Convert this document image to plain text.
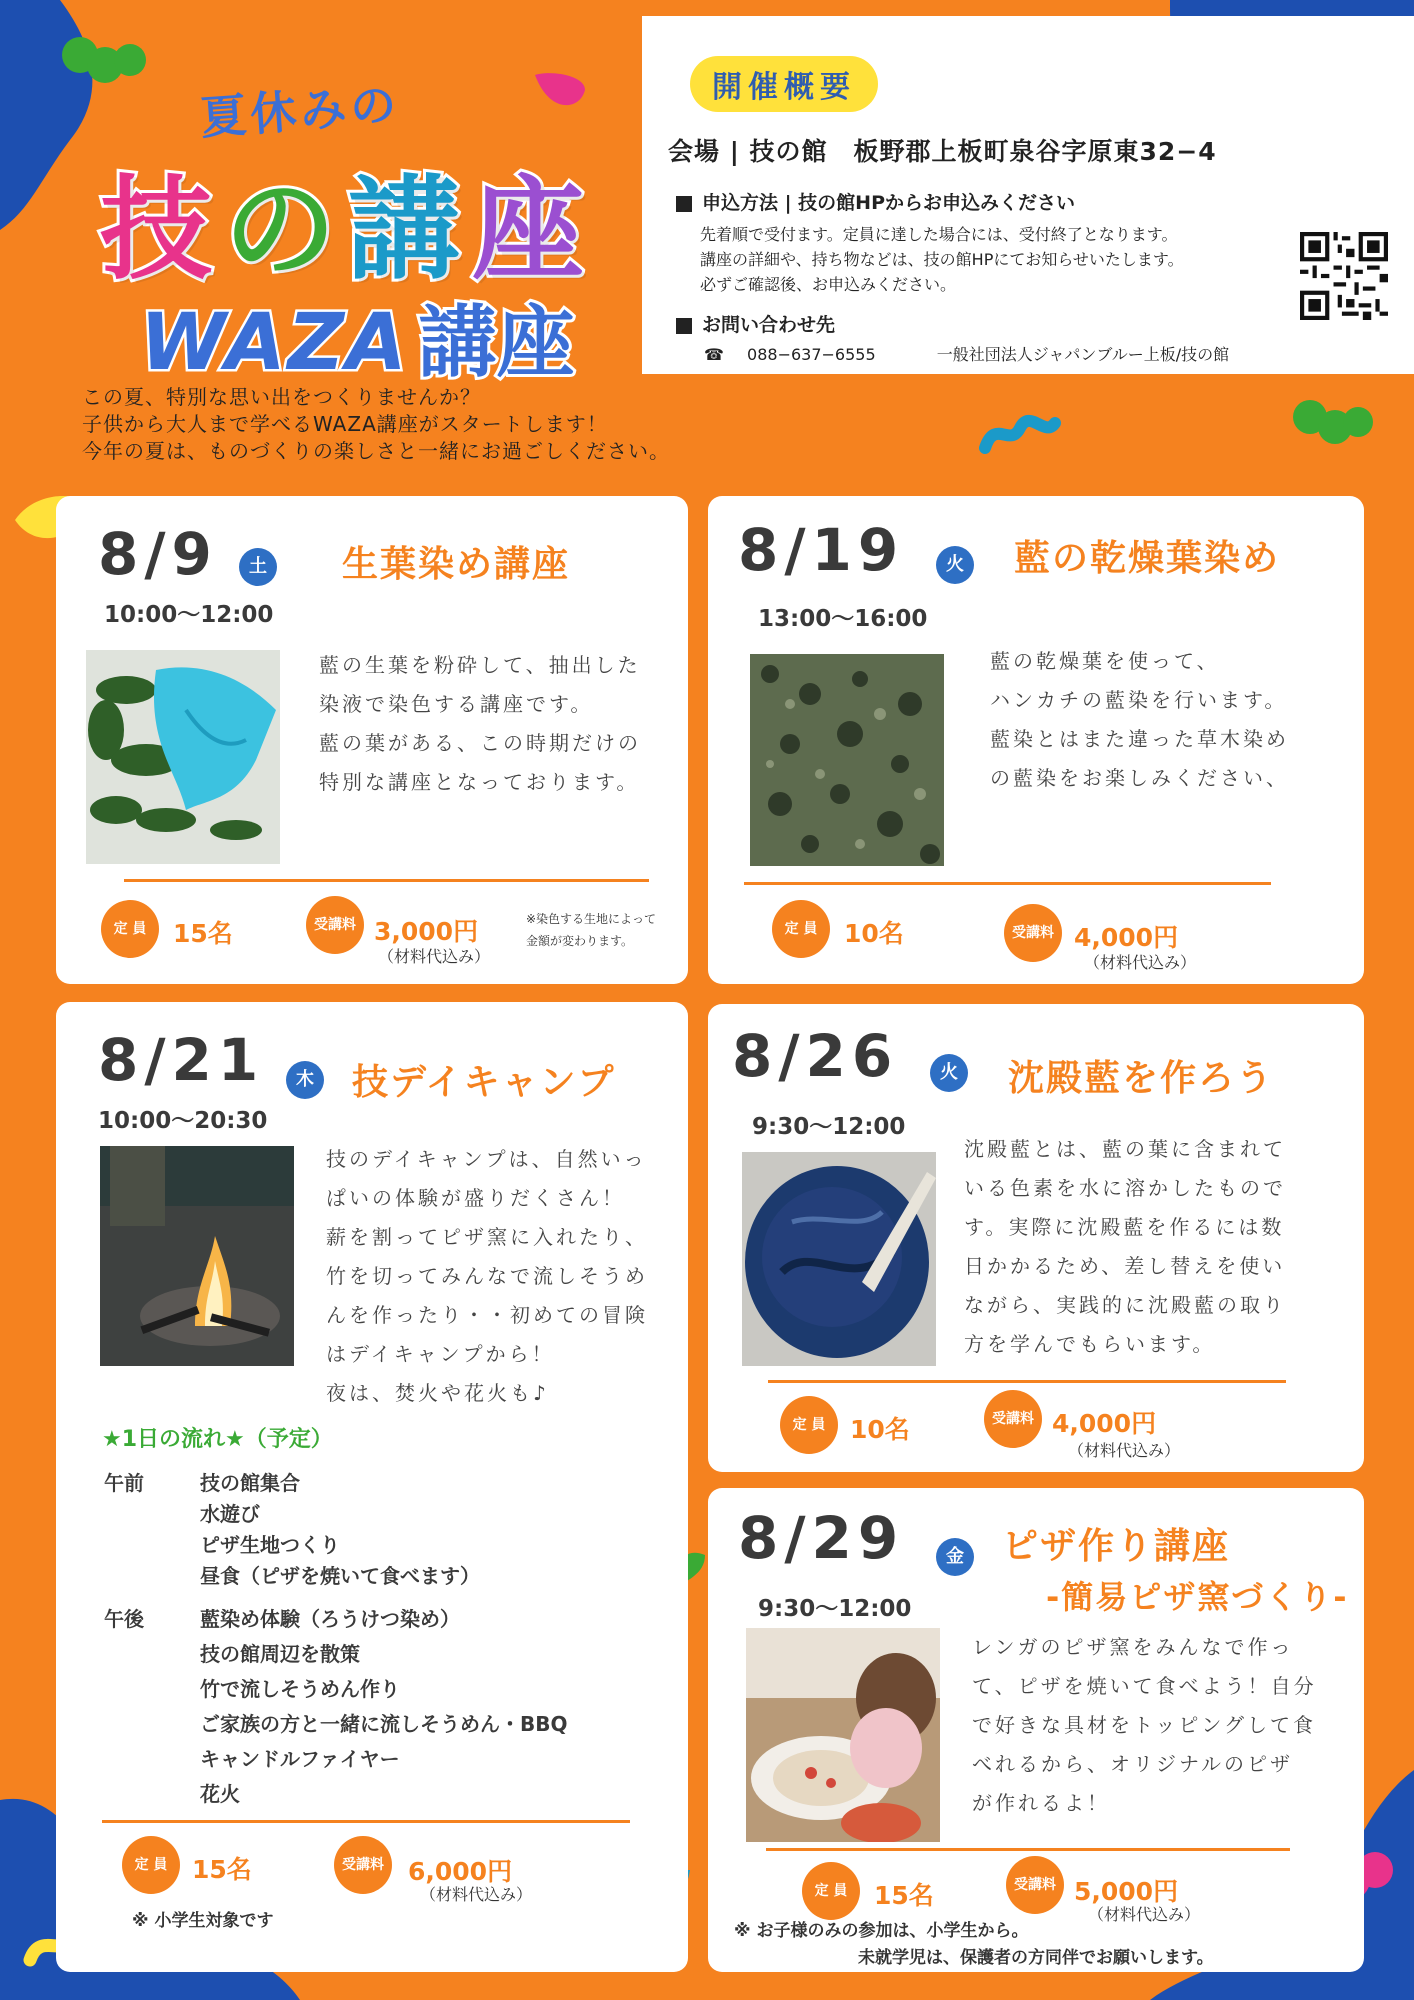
夏休みの
技の講座
WAZA 講座
開催概要
会場 | 技の館　板野郡上板町泉谷字原東32−4
申込方法 | 技の館HPからお申込みください
先着順で受付ます。定員に達した場合には、受付終了となります。
講座の詳細や、持ち物などは、技の館HPにてお知らせいたします。
必ずご確認後、お申込みください。
お問い合わせ先
☎ 088−637−6555	一般社団法人ジャパンブルー上板/技の館
この夏、特別な思い出をつくりませんか？
子供から大人まで学べるWAZA講座がスタートします！
今年の夏は、ものづくりの楽しさと一緒にお過ごしください。
8/9	土 生葉染め講座
10:00〜12:00
藍の生葉を粉砕して、抽出した
染液で染色する講座です。
藍の葉がある、この時期だけの
特別な講座となっております。
定 員	15名	受講料 3,000円
（材料代込み）
※染色する生地によって
金額が変わります。
8/19	火 藍の乾燥葉染め
13:00〜16:00
藍の乾燥葉を使って、
ハンカチの藍染を行います。
藍染とはまた違った草木染め
の藍染をお楽しみください、
定 員	10名	受講料 4,000円
（材料代込み）
8/21	木 技デイキャンプ
10:00〜20:30
技のデイキャンプは、自然いっ
ぱいの体験が盛りだくさん！
薪を割ってピザ窯に入れたり、
竹を切ってみんなで流しそうめ
んを作ったり・・初めての冒険
はデイキャンプから！
夜は、焚火や花火も♪
★1日の流れ★（予定）
午前	技の館集合
水遊び
ピザ生地つくり
昼食（ピザを焼いて食べます）
午後	藍染め体験（ろうけつ染め）
技の館周辺を散策
竹で流しそうめん作り
ご家族の方と一緒に流しそうめん・BBQ
キャンドルファイヤー
花火
定 員 15名	受講料 6,000円
（材料代込み）
※ 小学生対象です
8/26	火 沈殿藍を作ろう
9:30〜12:00
沈殿藍とは、藍の葉に含まれて
いる色素を水に溶かしたもので
す。実際に沈殿藍を作るには数
日かかるため、差し替えを使い
ながら、実践的に沈殿藍の取り
方を学んでもらいます。
定 員 10名	受講料 4,000円
（材料代込み）
8/29	金 ピザ作り講座
-簡易ピザ窯づくり-
9:30〜12:00
レンガのピザ窯をみんなで作っ
て、ピザを焼いて食べよう！自分
で好きな具材をトッピングして食
べれるから、オリジナルのピザ
が作れるよ！
定 員	15名	受講料 5,000円
（材料代込み）
※ お子様のみの参加は、小学生から。
未就学児は、保護者の方同伴でお願いします。
